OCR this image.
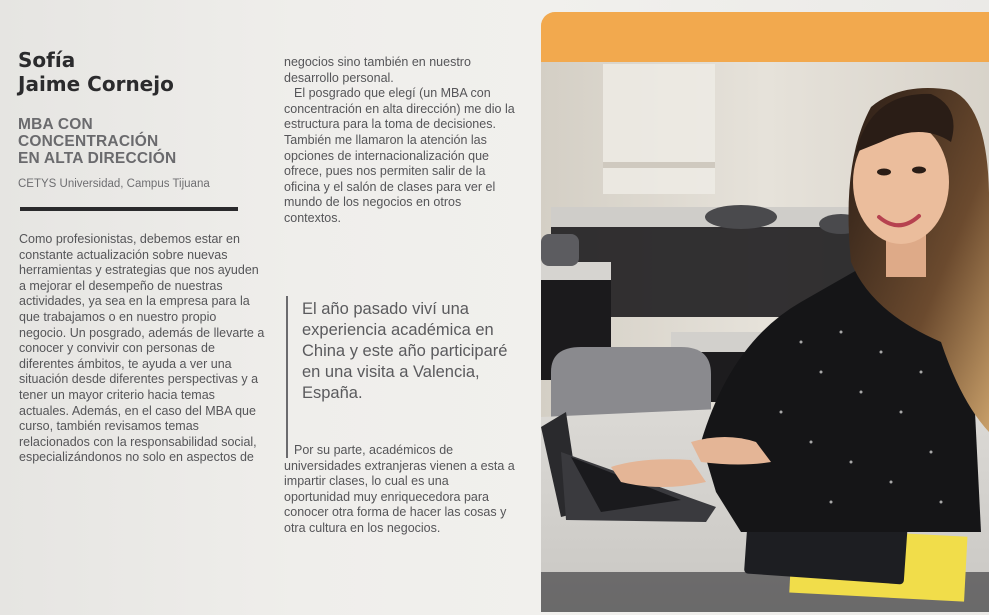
Sofía
Jaime Cornejo
MBA CON
CONCENTRACIÓN
EN ALTA DIRECCIÓN

CETYS Universidad, Campus Tijuana

Como profesionistas, debemos estar en constante actualización sobre nuevas herramientas y estrategias que nos ayuden a mejorar el desempeño de nuestras actividades, ya sea en la empresa para la que trabajamos o en nuestro propio negocio. Un posgrado, además de llevarte a conocer y convivir con personas de diferentes ámbitos, te ayuda a ver una situación desde diferentes perspectivas y a tener un mayor criterio hacia temas actuales. Además, en el caso del MBA que curso, también revisamos temas relacionados con la responsabilidad social, especializándonos no solo en aspectos de

negocios sino también en nuestro desarrollo personal.

El posgrado que elegí (un MBA con concentración en alta dirección) me dio la estructura para la toma de decisiones. También me llamaron la atención las opciones de internacionalización que ofrece, pues nos permiten salir de la oficina y el salón de clases para ver el mundo de los negocios en otros contextos.

El año pasado viví una experiencia académica en China y este año participaré en una visita a Valencia, España.

Por su parte, académicos de universidades extranjeras vienen a esta a impartir clases, lo cual es una oportunidad muy enriquecedora para conocer otra forma de hacer las cosas y otra cultura en los negocios.
